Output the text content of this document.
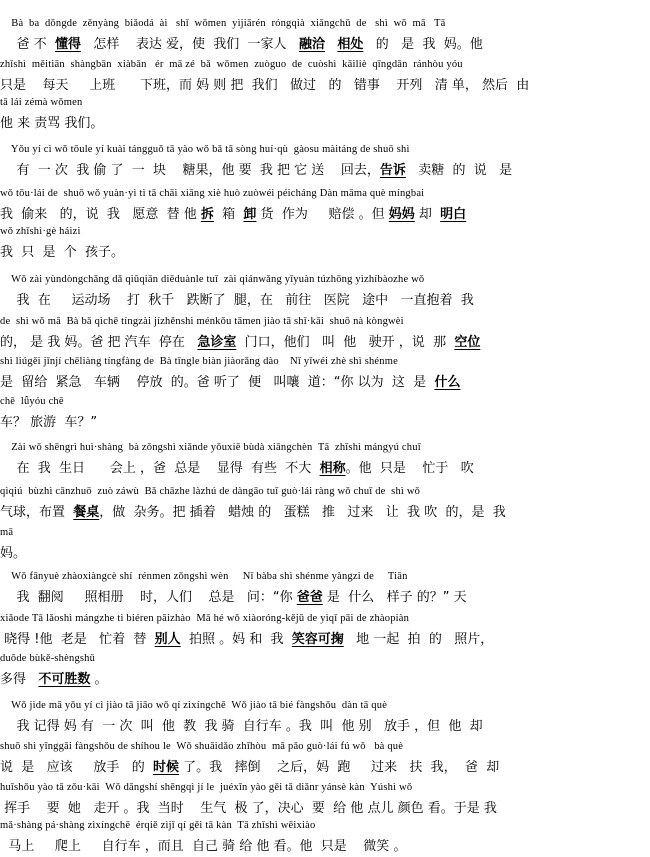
Bà  ba  dǒngde  zěnyàng  biǎodá  ài   shǐ  wǒmen  yìjiārén  róngqià  xiāngchǔ  de   shì  wǒ  mā   Tā
爸 不  懂得   怎样    表达 爱，使  我们  一家人   融洽 相处   的   是  我  妈。他
zhǐshì  měitiān  shàngbān  xiàbān   ér  mā zé  bǎ  wǒmen  zuòguo  de  cuòshì  kāiliè  qīngdān  ránhòu yóu
只是    每天     上班      下班，而 妈 则 把  我们   做过   的   错事    开列   清 单， 然后  由
tā lái zémà wǒmen
他 来 责骂 我们。
Yǒu yí cì wǒ tōule yí kuài tángguǒ tā yào wǒ bǎ tā sòng huí·qù  gàosu màitáng de shuō shì
有  一 次  我 偷 了  一  块    糖果，他 要  我 把 它 送    回去，告诉   卖糖  的  说   是
wǒ tōu·lái de  shuō wǒ yuàn·yì tì tā chāi xiāng xiè huò zuòwéi péicháng Dàn māma què míngbai
我  偷来   的，说  我   愿意  替 他 拆  箱  卸 货  作为     赔偿 。但 妈妈 却  明白
wǒ zhǐshì·gè háizi
我  只  是  个  孩子。
Wǒ zài yùndòngchǎng dǎ qiūqiān diēduànle tuǐ  zài qiánwǎng yīyuàn túzhōng yìzhíbàozhe wǒ
我  在     运动场    打  秋千   跌断了  腿，在   前往   医院   途中   一直抱着  我
de  shì wǒ mā  Bà bǎ qìchē tíngzài jízhěnshì ménkǒu tāmen jiào tā shǐ·kāi  shuō nà kòngwèi
的， 是 我 妈。爸 把 汽车  停在   急诊室  门口，他们   叫  他   驶开 ，说  那  空位
shì liúgěi jǐnjí chēliàng tíngfàng de  Bà tīngle biàn jiàorǎng dào    Nǐ yǐwéi zhè shì shénme
是  留给  紧急   车辆    停放  的。爸 听了  便   叫嚷  道：“你 以为  这  是  什么
chē  lǚyóu chē
车？ 旅游  车？”
Zài wǒ shēngrì huì·shàng  bà zǒngshì xiǎnde yǒuxiē bùdà xiāngchèn  Tā  zhǐshì mángyú chuī
在  我  生日      会上 ，爸  总是    显得  有些  不大  相称。他  只是    忙于   吹
qìqiú  bùzhì cānzhuō  zuò záwù  Bǎ chāzhe làzhú de dàngāo tuī guò·lái ràng wǒ chuī de  shì wǒ
气球，布置  餐桌，做  杂务。把 插着   蜡烛 的   蛋糕   推   过来   让  我 吹  的，是  我
mā
妈。
Wǒ fānyuè zhàoxiàngcè shí  rénmen zǒngshì wèn     Nǐ bàba shì shénme yàngzi de     Tiān
我  翻阅     照相册    时，人们    总是   问：“你 爸爸 是  什么   样子 的？” 天
xiǎode Tā lǎoshì mángzhe tì biéren pāizhào  Mā hé wǒ xiàoróng-kějū de yìqǐ pāi de zhàopiàn
晓得 !他  老是   忙着  替  别人  拍照 。妈 和  我  笑容可掬   地 一起  拍  的   照片，
duōde bùkě-shèngshǔ
多得   不可胜数 。
Wǒ jìde mā yǒu yí cì jiào tā jiāo wǒ qí zìxíngchē  Wǒ jiào tā bié fàngshǒu  dàn tā què
我 记得 妈 有  一 次  叫  他  教  我 骑  自行车 。我  叫  他 别   放手 ，但  他  却
shuō shì yīnggāi fàngshǒu de shíhou le  Wǒ shuāidǎo zhīhòu  mā pǎo guò·lái fú wǒ   bà què
说  是   应该     放手   的  时候 了。我   摔倒    之后，妈  跑     过来   扶  我，  爸  却
huīshǒu yào tā zǒu·kāi  Wǒ dāngshí shēngqì jí le  juéxīn yào gěi tā diǎnr yánsè kàn  Yúshì wǒ
挥手    要  她   走开 。我  当时    生气  极 了，决心  要  给 他 点儿 颜色 看。于是 我
mǎ·shàng pá·shàng zìxíngchē  érqiě zìjǐ qí gěi tā kàn  Tā zhǐshì wēixiào
马上     爬上     自行车 ，而且  自己 骑 给 他 看。他  只是    微笑 。
